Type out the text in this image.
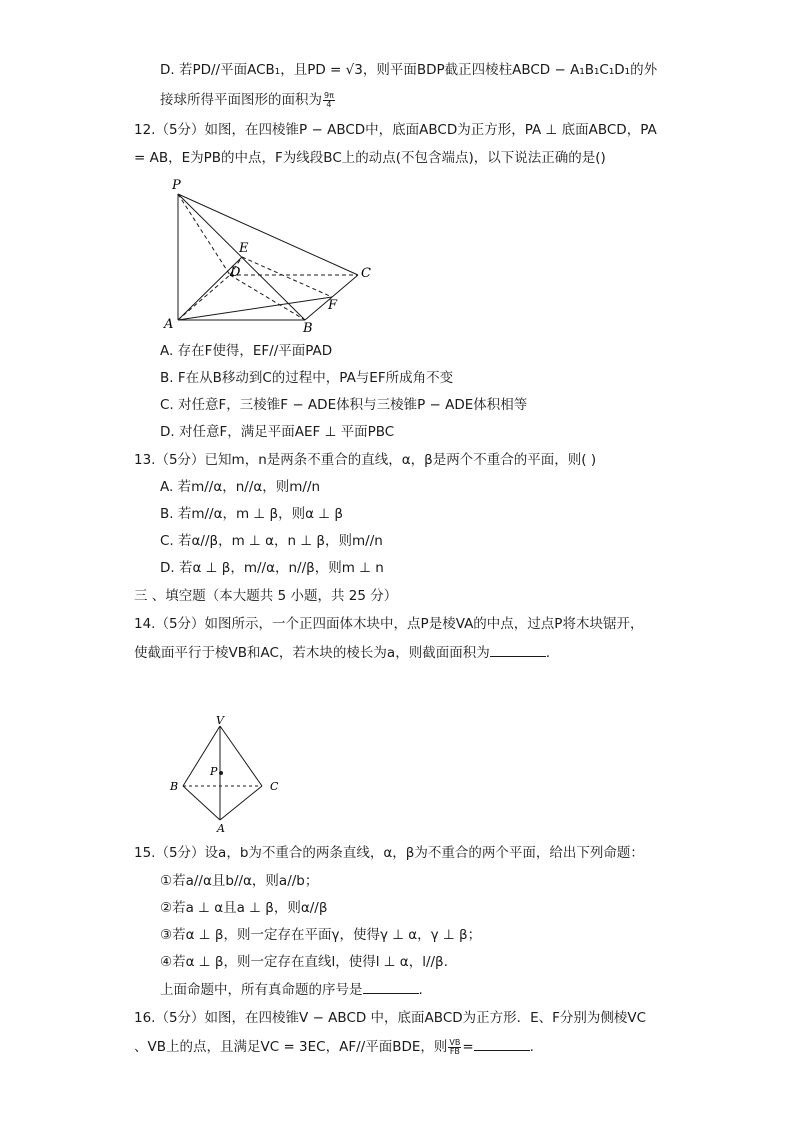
D. 若PD//平面ACB₁，且PD = √3，则平面BDP截正四棱柱ABCD − A₁B₁C₁D₁的外
接球所得平面图形的面积为 $\frac{9\pi}{4}$
12.（5分）如图，在四棱锥P − ABCD中，底面ABCD为正方形，PA ⊥ 底面ABCD，PA
= AB，E为PB的中点，F为线段BC上的动点(不包含端点)，以下说法正确的是()
P
E
D	C
F
A	B
A. 存在F使得，EF//平面PAD
B. F在从B移动到C的过程中，PA与EF所成角不变
C. 对任意F，三棱锥F − ADE体积与三棱锥P − ADE体积相等
D. 对任意F，满足平面AEF ⊥ 平面PBC
13.（5分）已知m，n是两条不重合的直线，α，β是两个不重合的平面，则( )
A. 若m//α，n//α，则m//n
B. 若m//α，m ⊥ β，则α ⊥ β
C. 若α//β，m ⊥ α，n ⊥ β，则m//n
D. 若α ⊥ β，m//α，n//β，则m ⊥ n
三 、填空题（本大题共 5 小题，共 25 分）
14.（5分）如图所示，一个正四面体木块中，点P是棱VA的中点，过点P将木块锯开，
使截面平行于棱VB和AC，若木块的棱长为a，则截面面积为	.
V
P
B	C
A
15.（5分）设a，b为不重合的两条直线，α，β为不重合的两个平面，给出下列命题：
①若a//α且b//α，则a//b；
②若a ⊥ α且a ⊥ β，则α//β
③若α ⊥ β，则一定存在平面γ，使得γ ⊥ α，γ ⊥ β；
④若α ⊥ β，则一定存在直线l，使得l ⊥ α，l//β.
上面命题中，所有真命题的序号是	.
16.（5分）如图，在四棱锥V − ABCD 中，底面ABCD为正方形．E、F分别为侧棱VC
、VB上的点，且满足VC = 3EC，AF//平面BDE，则 $\frac{VB}{FB}$ =	.
